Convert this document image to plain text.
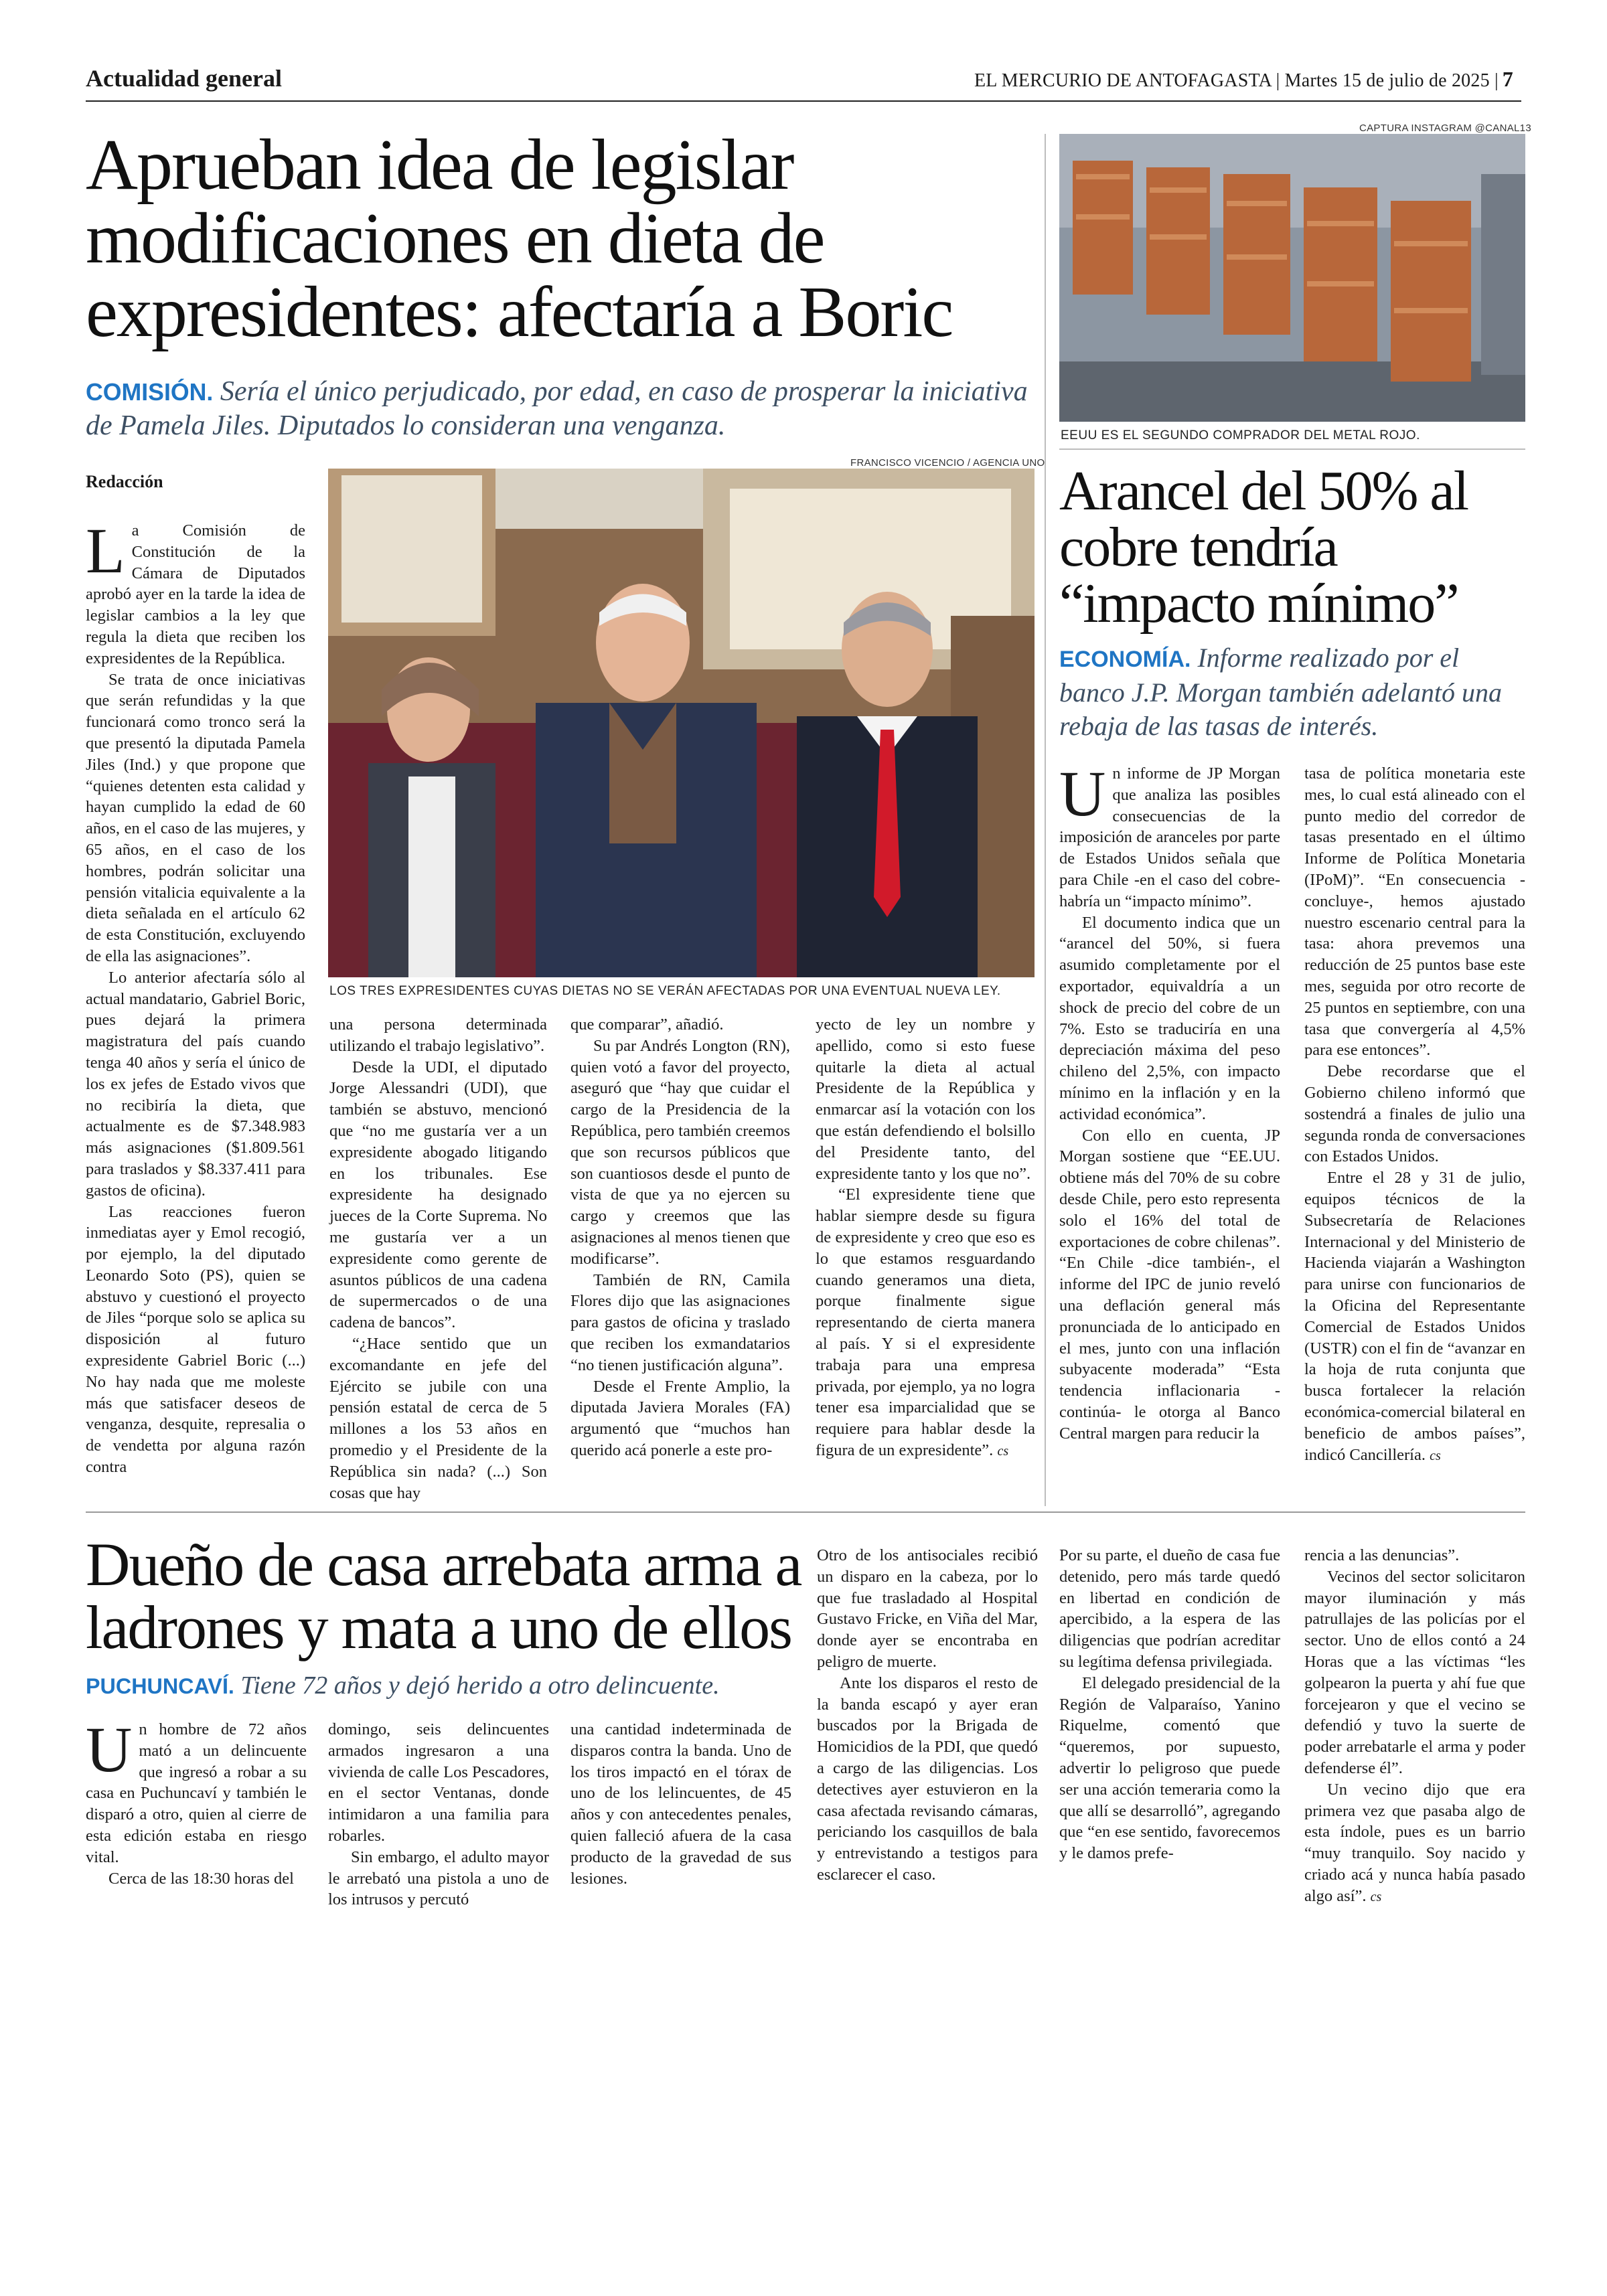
Actualidad general	EL MERCURIO DE ANTOFAGASTA | Martes 15 de julio de 2025 | 7
Aprueban idea de legislar modificaciones en dieta de expresidentes: afectaría a Boric
COMISIÓN. Sería el único perjudicado, por edad, en caso de prosperar la iniciativa de Pamela Jiles. Diputados lo consideran una venganza.
Redacción
FRANCISCO VICENCIO / AGENCIA UNO
LOS TRES EXPRESIDENTES CUYAS DIETAS NO SE VERÁN AFECTADAS POR UNA EVENTUAL NUEVA LEY.

La Comisión de Constitución de la Cámara de Diputados aprobó ayer en la tarde la idea de legislar cambios a la ley que regula la dieta que reciben los expresidentes de la República.

Se trata de once iniciativas que serán refundidas y la que funcionará como tronco será la que presentó la diputada Pamela Jiles (Ind.) y que propone que “quienes detenten esta calidad y hayan cumplido la edad de 60 años, en el caso de las mujeres, y 65 años, en el caso de los hombres, podrán solicitar una pensión vitalicia equivalente a la dieta señalada en el artículo 62 de esta Constitución, excluyendo de ella las asignaciones”.

Lo anterior afectaría sólo al actual mandatario, Gabriel Boric, pues dejará la primera magistratura del país cuando tenga 40 años y sería el único de los ex jefes de Estado vivos que no recibiría la dieta, que actualmente es de $7.348.983 más asignaciones ($1.809.561 para traslados y $8.337.411 para gastos de oficina).

Las reacciones fueron inmediatas ayer y Emol recogió, por ejemplo, la del diputado Leonardo Soto (PS), quien se abstuvo y cuestionó el proyecto de Jiles “porque solo se aplica su disposición al futuro expresidente Gabriel Boric (...) No hay nada que me moleste más que satisfacer deseos de venganza, desquite, represalia o de vendetta por alguna razón contra

una persona determinada utilizando el trabajo legislativo”.

Desde la UDI, el diputado Jorge Alessandri (UDI), que también se abstuvo, mencionó que “no me gustaría ver a un expresidente abogado litigando en los tribunales. Ese expresidente ha designado jueces de la Corte Suprema. No me gustaría ver a un expresidente como gerente de asuntos públicos de una cadena de supermercados o de una cadena de bancos”.

“¿Hace sentido que un excomandante en jefe del Ejército se jubile con una pensión estatal de cerca de 5 millones a los 53 años en promedio y el Presidente de la República sin nada? (...) Son cosas que hay

que comparar”, añadió.

Su par Andrés Longton (RN), quien votó a favor del proyecto, aseguró que “hay que cuidar el cargo de la Presidencia de la República, pero también creemos que son recursos públicos que son cuantiosos desde el punto de vista de que ya no ejercen su cargo y creemos que las asignaciones al menos tienen que modificarse”.

También de RN, Camila Flores dijo que las asignaciones para gastos de oficina y traslado que reciben los exmandatarios “no tienen justificación alguna”.

Desde el Frente Amplio, la diputada Javiera Morales (FA) argumentó que “muchos han querido acá ponerle a este pro-

yecto de ley un nombre y apellido, como si esto fuese quitarle la dieta al actual Presidente de la República y enmarcar así la votación con los que están defendiendo el bolsillo del Presidente tanto, del expresidente tanto y los que no”.

“El expresidente tiene que hablar siempre desde su figura de expresidente y creo que eso es lo que estamos resguardando cuando generamos una dieta, porque finalmente sigue representando de cierta manera al país. Y si el expresidente trabaja para una empresa privada, por ejemplo, ya no logra tener esa imparcialidad que se requiere para hablar desde la figura de un expresidente”. cs

CAPTURA INSTAGRAM @CANAL13
EEUU ES EL SEGUNDO COMPRADOR DEL METAL ROJO.
Arancel del 50% al cobre tendría “impacto mínimo”
ECONOMÍA. Informe realizado por el banco J.P. Morgan también adelantó una rebaja de las tasas de interés.

Un informe de JP Morgan que analiza las posibles consecuencias de la imposición de aranceles por parte de Estados Unidos señala que para Chile -en el caso del cobre- habría un “impacto mínimo”.

El documento indica que un “arancel del 50%, si fuera asumido completamente por el exportador, equivaldría a un shock de precio del cobre de un 7%. Esto se traduciría en una depreciación máxima del peso chileno del 2,5%, con impacto mínimo en la inflación y en la actividad económica”.

Con ello en cuenta, JP Morgan sostiene que “EE.UU. obtiene más del 70% de su cobre desde Chile, pero esto representa solo el 16% del total de exportaciones de cobre chilenas”. “En Chile -dice también-, el informe del IPC de junio reveló una deflación general más pronunciada de lo anticipado en el mes, junto con una inflación subyacente moderada” “Esta tendencia inflacionaria -continúa- le otorga al Banco Central margen para reducir la

tasa de política monetaria este mes, lo cual está alineado con el punto medio del corredor de tasas presentado en el último Informe de Política Monetaria (IPoM)”. “En consecuencia -concluye-, hemos ajustado nuestro escenario central para la tasa: ahora prevemos una reducción de 25 puntos base este mes, seguida por otro recorte de 25 puntos en septiembre, con una tasa que convergería al 4,5% para ese entonces”.

Debe recordarse que el Gobierno chileno informó que sostendrá a finales de julio una segunda ronda de conversaciones con Estados Unidos.

Entre el 28 y 31 de julio, equipos técnicos de la Subsecretaría de Relaciones Internacional y del Ministerio de Hacienda viajarán a Washington para unirse con funcionarios de la Oficina del Representante Comercial de Estados Unidos (USTR) con el fin de “avanzar en la hoja de ruta conjunta que busca fortalecer la relación económica-comercial bilateral en beneficio de ambos países”, indicó Cancillería. cs

Dueño de casa arrebata arma a ladrones y mata a uno de ellos
PUCHUNCAVÍ. Tiene 72 años y dejó herido a otro delincuente.

Un hombre de 72 años mató a un delincuente que ingresó a robar a su casa en Puchuncaví y también le disparó a otro, quien al cierre de esta edición estaba en riesgo vital.

Cerca de las 18:30 horas del

domingo, seis delincuentes armados ingresaron a una vivienda de calle Los Pescadores, en el sector Ventanas, donde intimidaron a una familia para robarles.

Sin embargo, el adulto mayor le arrebató una pistola a uno de los intrusos y percutó

una cantidad indeterminada de disparos contra la banda. Uno de los tiros impactó en el tórax de uno de los lelincuentes, de 45 años y con antecedentes penales, quien falleció afuera de la casa producto de la gravedad de sus lesiones.

Otro de los antisociales recibió un disparo en la cabeza, por lo que fue trasladado al Hospital Gustavo Fricke, en Viña del Mar, donde ayer se encontraba en peligro de muerte.

Ante los disparos el resto de la banda escapó y ayer eran buscados por la Brigada de Homicidios de la PDI, que quedó a cargo de las diligencias. Los detectives ayer estuvieron en la casa afectada revisando cámaras, periciando los casquillos de bala y entrevistando a testigos para esclarecer el caso.

Por su parte, el dueño de casa fue detenido, pero más tarde quedó en libertad en condición de apercibido, a la espera de las diligencias que podrían acreditar su legítima defensa privilegiada.

El delegado presidencial de la Región de Valparaíso, Yanino Riquelme, comentó que “queremos, por supuesto, advertir lo peligroso que puede ser una acción temeraria como la que allí se desarrolló”, agregando que “en ese sentido, favorecemos y le damos prefe-

rencia a las denuncias”.

Vecinos del sector solicitaron mayor iluminación y más patrullajes de las policías por el sector. Uno de ellos contó a 24 Horas que a las víctimas “les golpearon la puerta y ahí fue que forcejearon y que el vecino se defendió y tuvo la suerte de poder arrebatarle el arma y poder defenderse él”.

Un vecino dijo que era primera vez que pasaba algo de esta índole, pues es un barrio “muy tranquilo. Soy nacido y criado acá y nunca había pasado algo así”. cs
